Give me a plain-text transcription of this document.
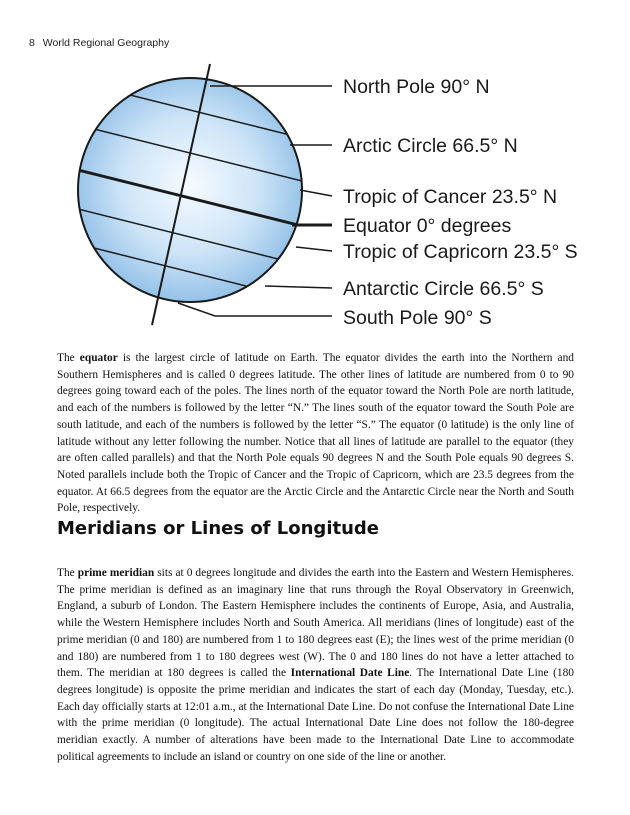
8 World Regional Geography
North Pole 90° N
Arctic Circle 66.5° N
Tropic of Cancer 23.5° N
Equator 0° degrees
Tropic of Capricorn 23.5° S
Antarctic Circle 66.5° S
South Pole 90° S

The equator is the largest circle of latitude on Earth. The equator divides the earth into the Northern and Southern Hemispheres and is called 0 degrees latitude. The other lines of latitude are numbered from 0 to 90 degrees going toward each of the poles. The lines north of the equator toward the North Pole are north latitude, and each of the numbers is followed by the letter “N.” The lines south of the equator toward the South Pole are south latitude, and each of the numbers is followed by the letter “S.” The equator (0 latitude) is the only line of latitude without any letter following the number. Notice that all lines of latitude are parallel to the equator (they are often called parallels) and that the North Pole equals 90 degrees N and the South Pole equals 90 degrees S. Noted parallels include both the Tropic of Cancer and the Tropic of Capricorn, which are 23.5 degrees from the equator. At 66.5 degrees from the equator are the Arctic Circle and the Antarctic Circle near the North and South Pole, respectively.

Meridians or Lines of Longitude

The prime meridian sits at 0 degrees longitude and divides the earth into the Eastern and Western Hemispheres. The prime meridian is defined as an imaginary line that runs through the Royal Observatory in Greenwich, England, a suburb of London. The Eastern Hemisphere includes the continents of Europe, Asia, and Australia, while the Western Hemisphere includes North and South America. All meridians (lines of longitude) east of the prime meridian (0 and 180) are numbered from 1 to 180 degrees east (E); the lines west of the prime meridian (0 and 180) are numbered from 1 to 180 degrees west (W). The 0 and 180 lines do not have a letter attached to them. The meridian at 180 degrees is called the International Date Line. The International Date Line (180 degrees longitude) is opposite the prime meridian and indicates the start of each day (Monday, Tuesday, etc.). Each day officially starts at 12:01 a.m., at the International Date Line. Do not confuse the International Date Line with the prime meridian (0 longitude). The actual International Date Line does not follow the 180-degree meridian exactly. A number of alterations have been made to the International Date Line to accommodate political agreements to include an island or country on one side of the line or another.
